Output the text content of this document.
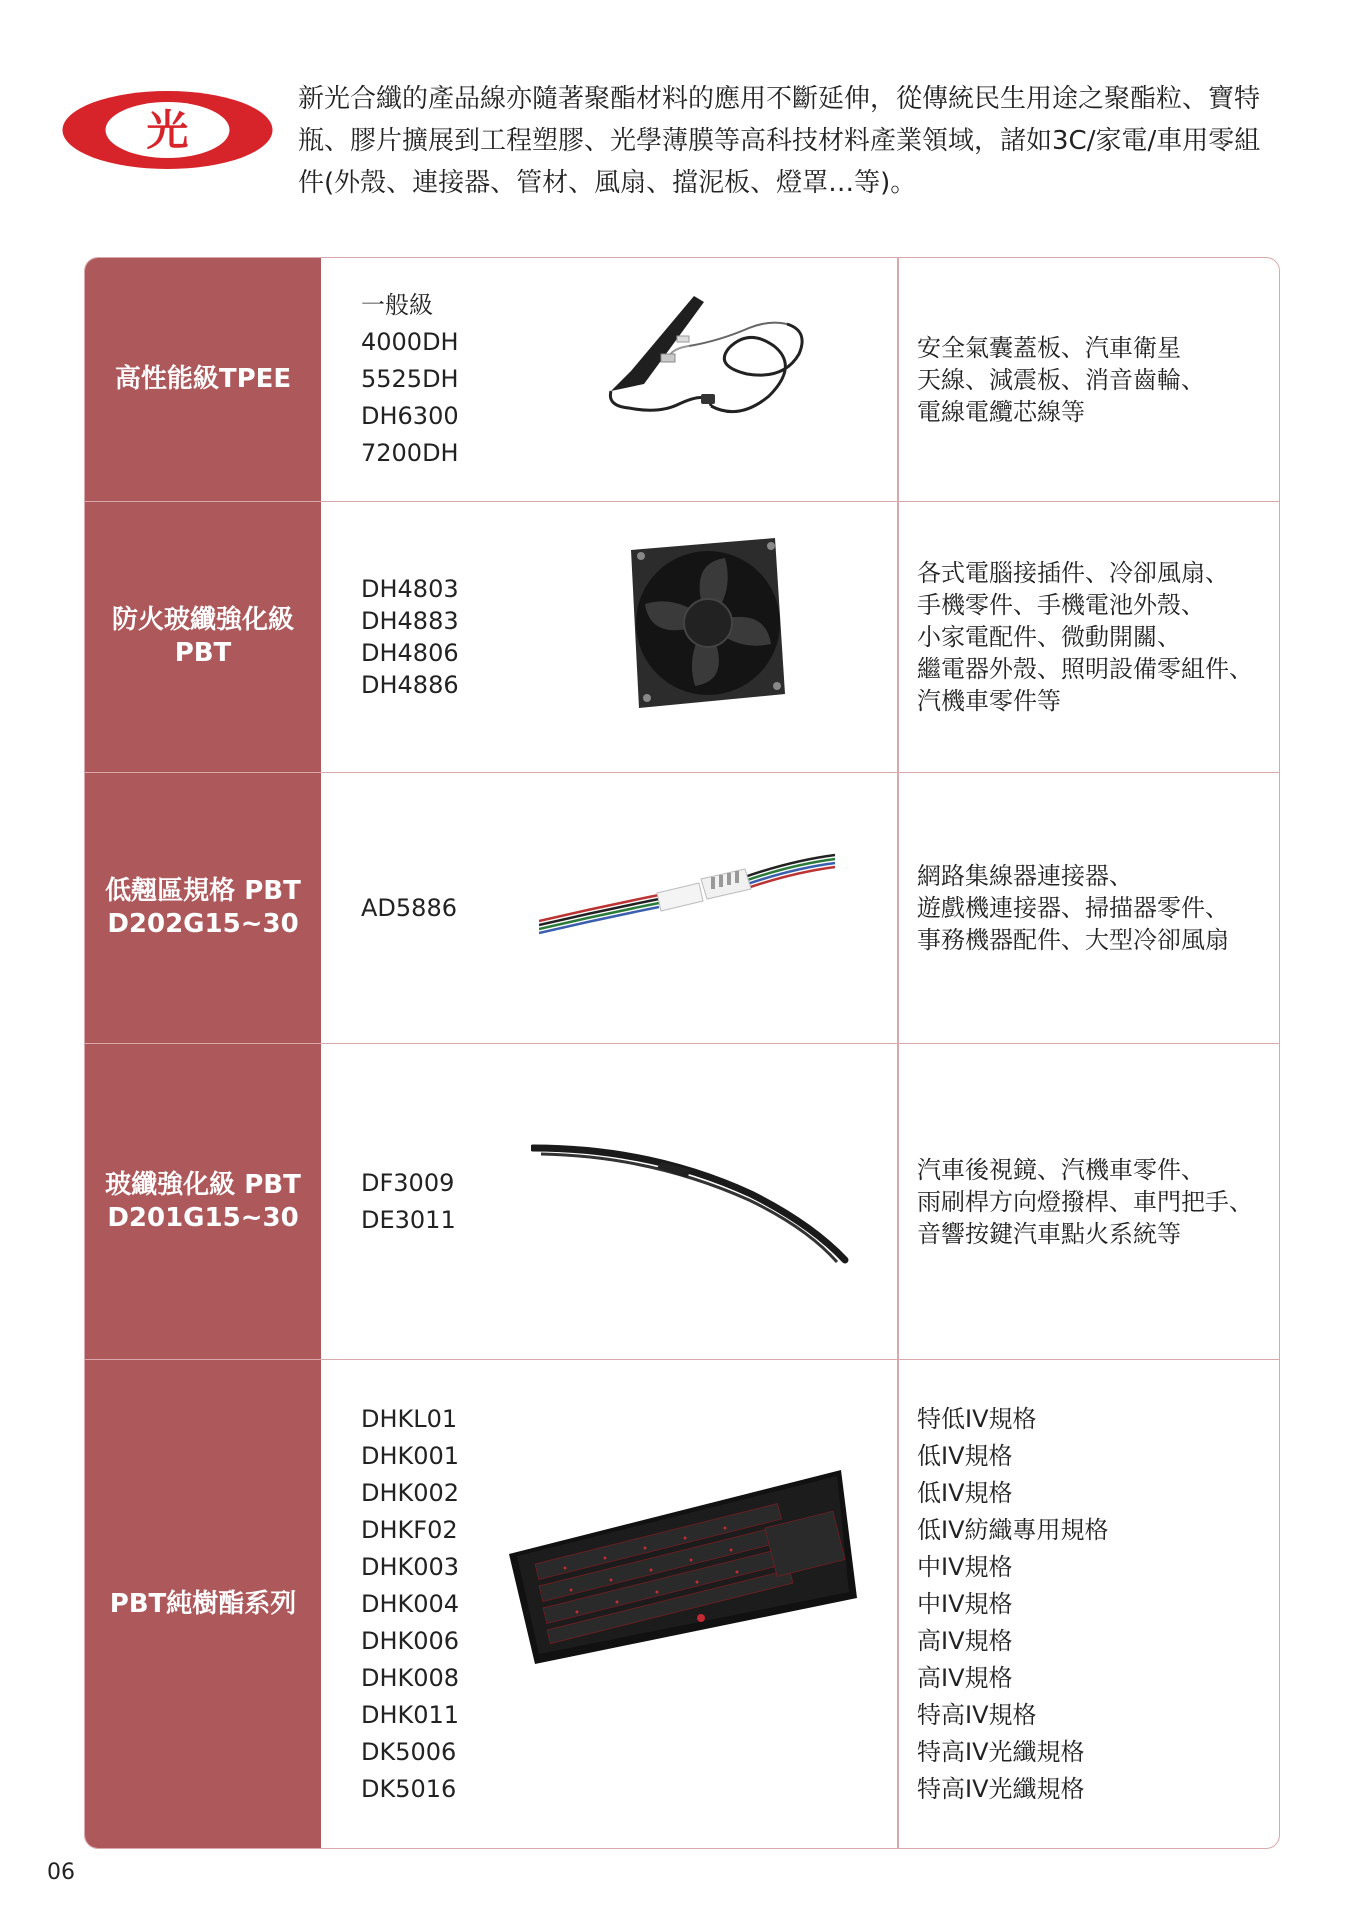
光

新光合纖的產品線亦隨著聚酯材料的應用不斷延伸，從傳統民生用途之聚酯粒、寶特

瓶、膠片擴展到工程塑膠、光學薄膜等高科技材料產業領域，諸如3C/家電/車用零組

件(外殼、連接器、管材、風扇、擋泥板、燈罩…等)。

高性能級TPEE
一般級
4000DH
5525DH
DH6300
7200DH
安全氣囊蓋板、汽車衛星
天線、減震板、消音齒輪、
電線電纜芯線等
防火玻纖強化級
PBT
DH4803
DH4883
DH4806
DH4886
各式電腦接插件、冷卻風扇、
手機零件、手機電池外殼、
小家電配件、微動開關、
繼電器外殼、照明設備零組件、
汽機車零件等
低翹區規格 PBT
D202G15~30
AD5886
網路集線器連接器、
遊戲機連接器、掃描器零件、
事務機器配件、大型冷卻風扇
玻纖強化級 PBT
D201G15~30
DF3009
DE3011
汽車後視鏡、汽機車零件、
雨刷桿方向燈撥桿、車門把手、
音響按鍵汽車點火系統等
PBT純樹酯系列
DHKL01
DHK001
DHK002
DHKF02
DHK003
DHK004
DHK006
DHK008
DHK011
DK5006
DK5016
特低IV規格
低IV規格
低IV規格
低IV紡織專用規格
中IV規格
中IV規格
高IV規格
高IV規格
特高IV規格
特高IV光纖規格
特高IV光纖規格
06
